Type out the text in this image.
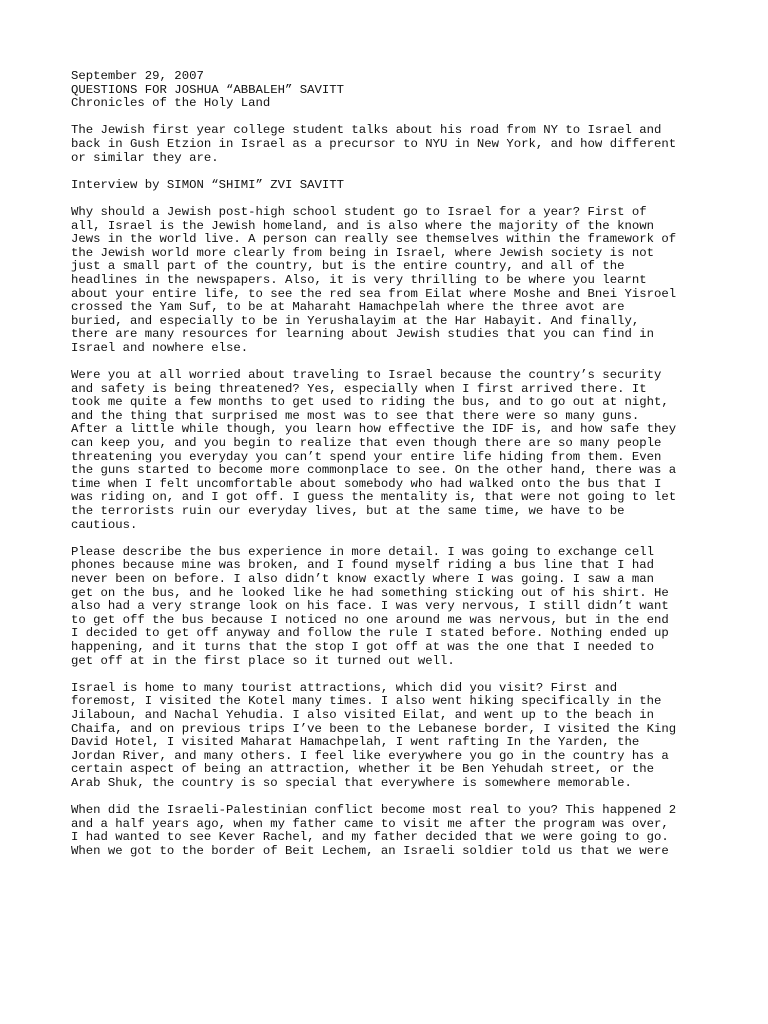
September 29, 2007
QUESTIONS FOR JOSHUA “ABBALEH” SAVITT
Chronicles of the Holy Land
The Jewish first year college student talks about his road from NY to Israel and
back in Gush Etzion in Israel as a precursor to NYU in New York, and how different
or similar they are.
Interview by SIMON “SHIMI” ZVI SAVITT
Why should a Jewish post-high school student go to Israel for a year? First of
all, Israel is the Jewish homeland, and is also where the majority of the known
Jews in the world live. A person can really see themselves within the framework of
the Jewish world more clearly from being in Israel, where Jewish society is not
just a small part of the country, but is the entire country, and all of the
headlines in the newspapers. Also, it is very thrilling to be where you learnt
about your entire life, to see the red sea from Eilat where Moshe and Bnei Yisroel
crossed the Yam Suf, to be at Maharaht Hamachpelah where the three avot are
buried, and especially to be in Yerushalayim at the Har Habayit. And finally,
there are many resources for learning about Jewish studies that you can find in
Israel and nowhere else.
Were you at all worried about traveling to Israel because the country’s security
and safety is being threatened? Yes, especially when I first arrived there. It
took me quite a few months to get used to riding the bus, and to go out at night,
and the thing that surprised me most was to see that there were so many guns.
After a little while though, you learn how effective the IDF is, and how safe they
can keep you, and you begin to realize that even though there are so many people
threatening you everyday you can’t spend your entire life hiding from them. Even
the guns started to become more commonplace to see. On the other hand, there was a
time when I felt uncomfortable about somebody who had walked onto the bus that I
was riding on, and I got off. I guess the mentality is, that were not going to let
the terrorists ruin our everyday lives, but at the same time, we have to be
cautious.
Please describe the bus experience in more detail. I was going to exchange cell
phones because mine was broken, and I found myself riding a bus line that I had
never been on before. I also didn’t know exactly where I was going. I saw a man
get on the bus, and he looked like he had something sticking out of his shirt. He
also had a very strange look on his face. I was very nervous, I still didn’t want
to get off the bus because I noticed no one around me was nervous, but in the end
I decided to get off anyway and follow the rule I stated before. Nothing ended up
happening, and it turns that the stop I got off at was the one that I needed to
get off at in the first place so it turned out well.
Israel is home to many tourist attractions, which did you visit? First and
foremost, I visited the Kotel many times. I also went hiking specifically in the
Jilaboun, and Nachal Yehudia. I also visited Eilat, and went up to the beach in
Chaifa, and on previous trips I’ve been to the Lebanese border, I visited the King
David Hotel, I visited Maharat Hamachpelah, I went rafting In the Yarden, the
Jordan River, and many others. I feel like everywhere you go in the country has a
certain aspect of being an attraction, whether it be Ben Yehudah street, or the
Arab Shuk, the country is so special that everywhere is somewhere memorable.
When did the Israeli-Palestinian conflict become most real to you? This happened 2
and a half years ago, when my father came to visit me after the program was over,
I had wanted to see Kever Rachel, and my father decided that we were going to go.
When we got to the border of Beit Lechem, an Israeli soldier told us that we were
